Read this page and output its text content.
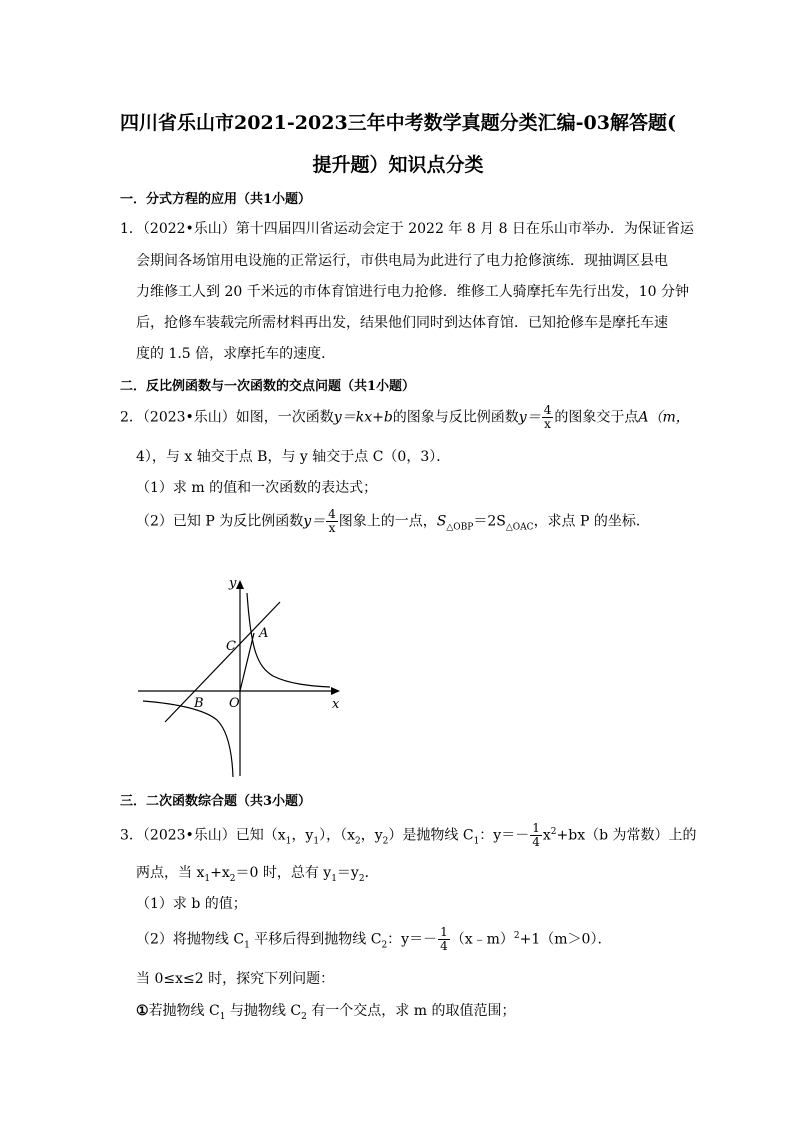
四川省乐山市2021-2023三年中考数学真题分类汇编-03解答题(
提升题）知识点分类
一．分式方程的应用（共1小题）
1．（2022•乐山）第十四届四川省运动会定于 2022 年 8 月 8 日在乐山市举办．为保证省运
会期间各场馆用电设施的正常运行，市供电局为此进行了电力抢修演练．现抽调区县电
力维修工人到 20 千米远的市体育馆进行电力抢修．维修工人骑摩托车先行出发，10 分钟
后，抢修车装载完所需材料再出发，结果他们同时到达体育馆．已知抢修车是摩托车速
度的 1.5 倍，求摩托车的速度．
二．反比例函数与一次函数的交点问题（共1小题）
2．（2023•乐山）如图，一次函数y＝kx+b的图象与反比例函数$y= \frac{4}{x}$ 的图象交于点A（m，
4），与 x 轴交于点 B，与 y 轴交于点 C（0，3）．
（1）求 m 的值和一次函数的表达式；
（2）已知 P 为反比例函数$y= \frac{4}{x}$ 图象上的一点，$S_{\triangle OBP}=2S_{\triangle OAC}$，求点 P 的坐标．
y
x
A
B
C
O
三．二次函数综合题（共3小题）
3．（2023•乐山）已知（$x_1$，$y_1$），（$x_2$，$y_2$）是抛物线 $C_1$：$y=- \frac{1}{4} x^2+bx(b$ 为常数）上的
两点，当 $x_1+x_2=0$ 时，总有 $y_1=y_2$．
（1）求 b 的值；
（2）将抛物线 $C_1$ 平移后得到抛物线 $C_2$：$y=- \frac{1}{4}$ （x﹣m）$^2$+1（m＞0）．
当 0≤x≤2 时，探究下列问题：
①若抛物线 $C_1$ 与抛物线 $C_2$ 有一个交点，求 m 的取值范围；
